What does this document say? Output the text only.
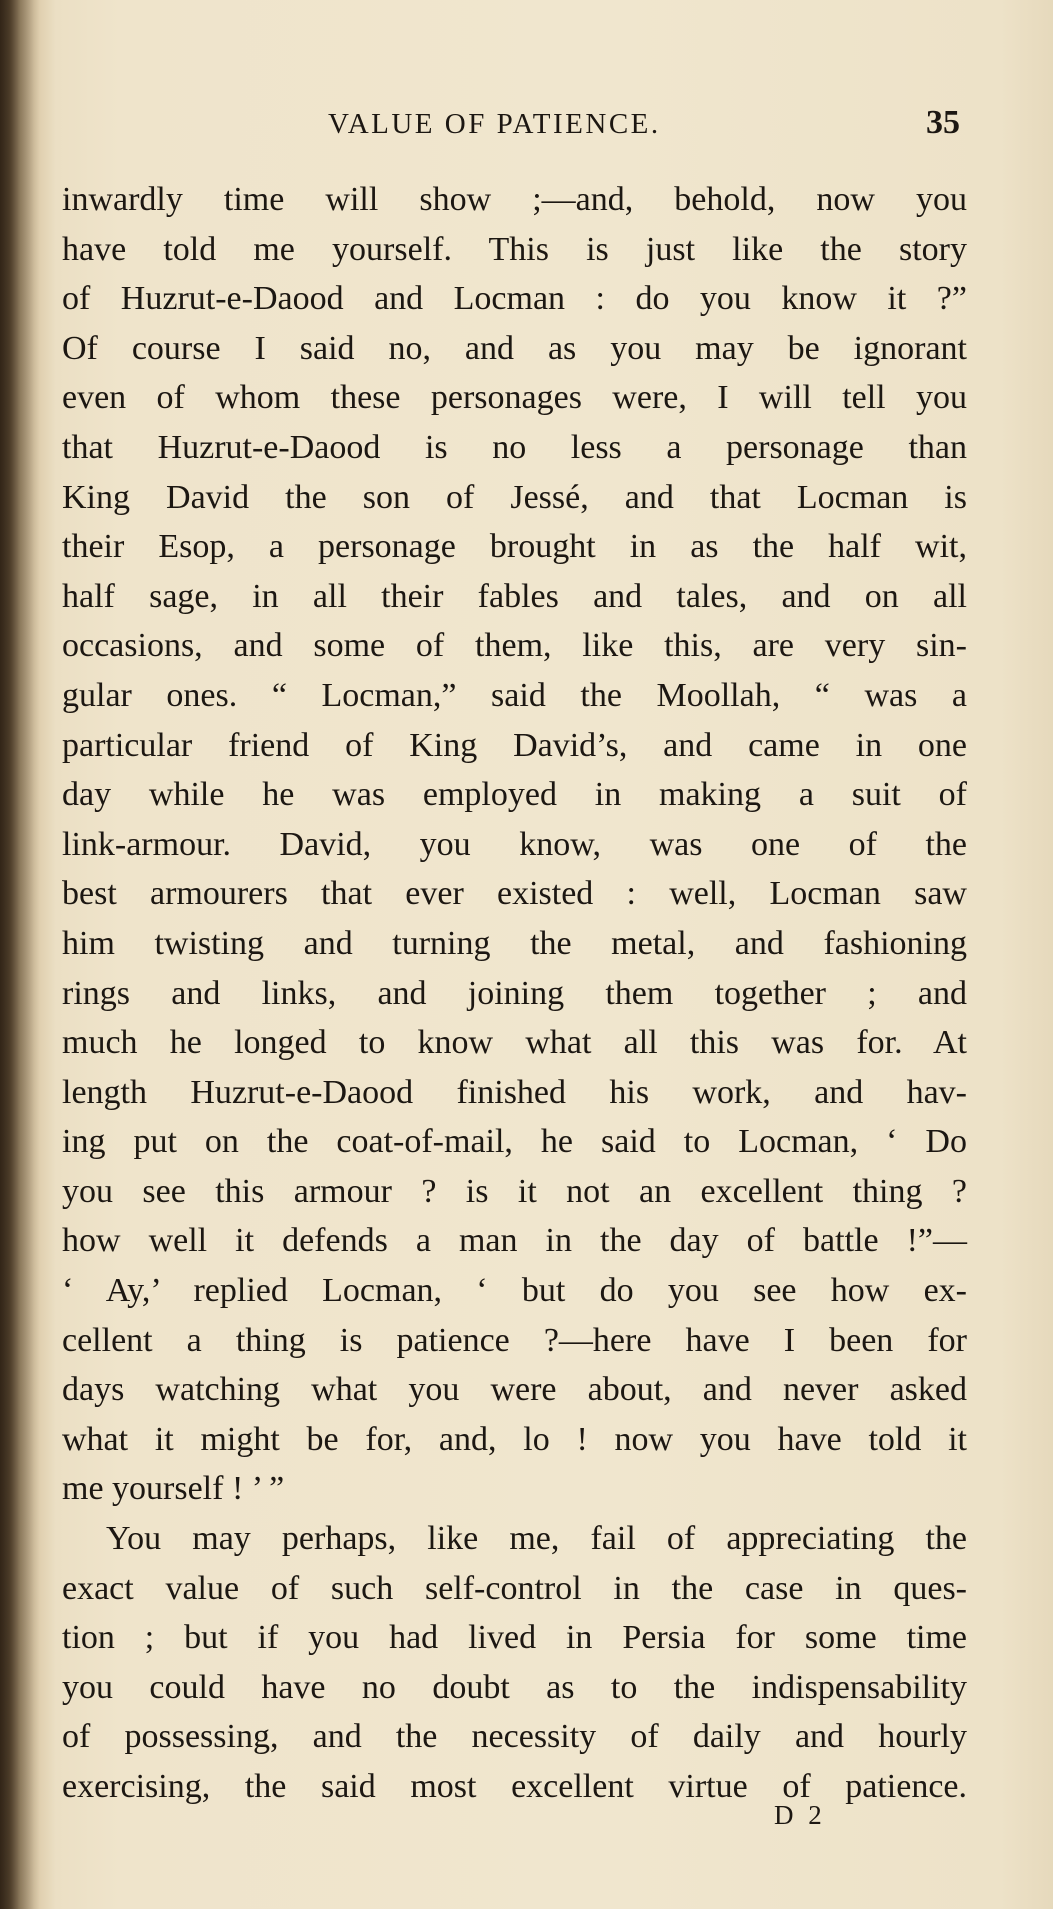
VALUE OF PATIENCE.	35
inwardly time will show ;—and, behold, now you
have told me yourself. This is just like the story
of Huzrut-e-Daood and Locman : do you know it ?”
Of course I said no, and as you may be ignorant
even of whom these personages were, I will tell you
that Huzrut-e-Daood is no less a personage than
King David the son of Jessé, and that Locman is
their Esop, a personage brought in as the half wit,
half sage, in all their fables and tales, and on all
occasions, and some of them, like this, are very sin-
gular ones. “ Locman,” said the Moollah, “ was a
particular friend of King David’s, and came in one
day while he was employed in making a suit of
link-armour. David, you know, was one of the
best armourers that ever existed : well, Locman saw
him twisting and turning the metal, and fashioning
rings and links, and joining them together ; and
much he longed to know what all this was for. At
length Huzrut-e-Daood finished his work, and hav-
ing put on the coat-of-mail, he said to Locman, ‘ Do
you see this armour ? is it not an excellent thing ?
how well it defends a man in the day of battle !”—
‘ Ay,’ replied Locman, ‘ but do you see how ex-
cellent a thing is patience ?—here have I been for
days watching what you were about, and never asked
what it might be for, and, lo ! now you have told it
me yourself ! ’ ”
You may perhaps, like me, fail of appreciating the
exact value of such self-control in the case in ques-
tion ; but if you had lived in Persia for some time
you could have no doubt as to the indispensability
of possessing, and the necessity of daily and hourly
exercising, the said most excellent virtue of patience.
D 2
